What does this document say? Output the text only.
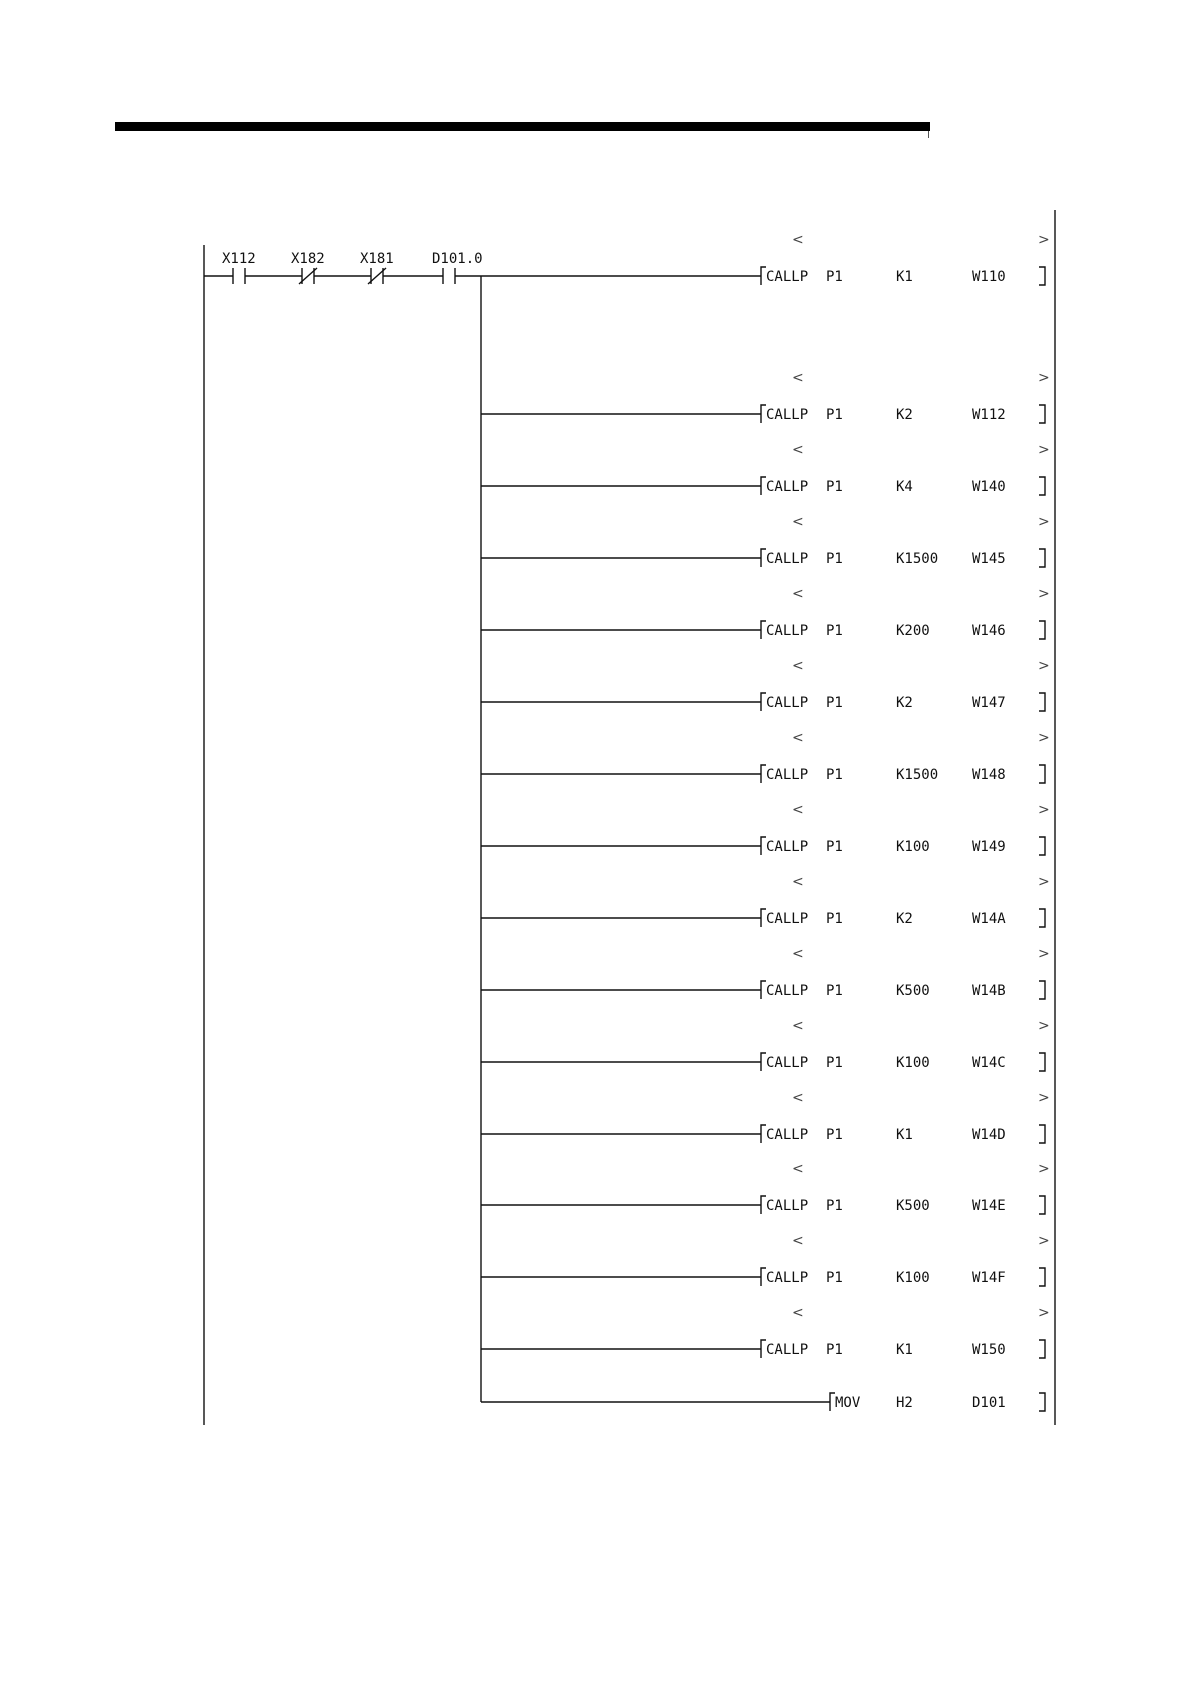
X112	X182	X181	D101.0
CALLP P1	K1	W110
<	>
CALLP P1	K2	W112
<	>
CALLP P1	K4	W140
<	>
CALLP P1	K1500 W145
<	>
CALLP P1	K200	W146
<	>
CALLP P1	K2	W147
<	>
CALLP P1	K1500 W148
<	>
CALLP P1	K100	W149
<	>
CALLP P1	K2	W14A
<	>
CALLP P1	K500	W14B
<	>
CALLP P1	K100	W14C
<	>
CALLP P1	K1	W14D
<	>
CALLP P1	K500	W14E
<	>
CALLP P1	K100	W14F
<	>
CALLP P1	K1	W150
<	>
MOV	H2	D101
